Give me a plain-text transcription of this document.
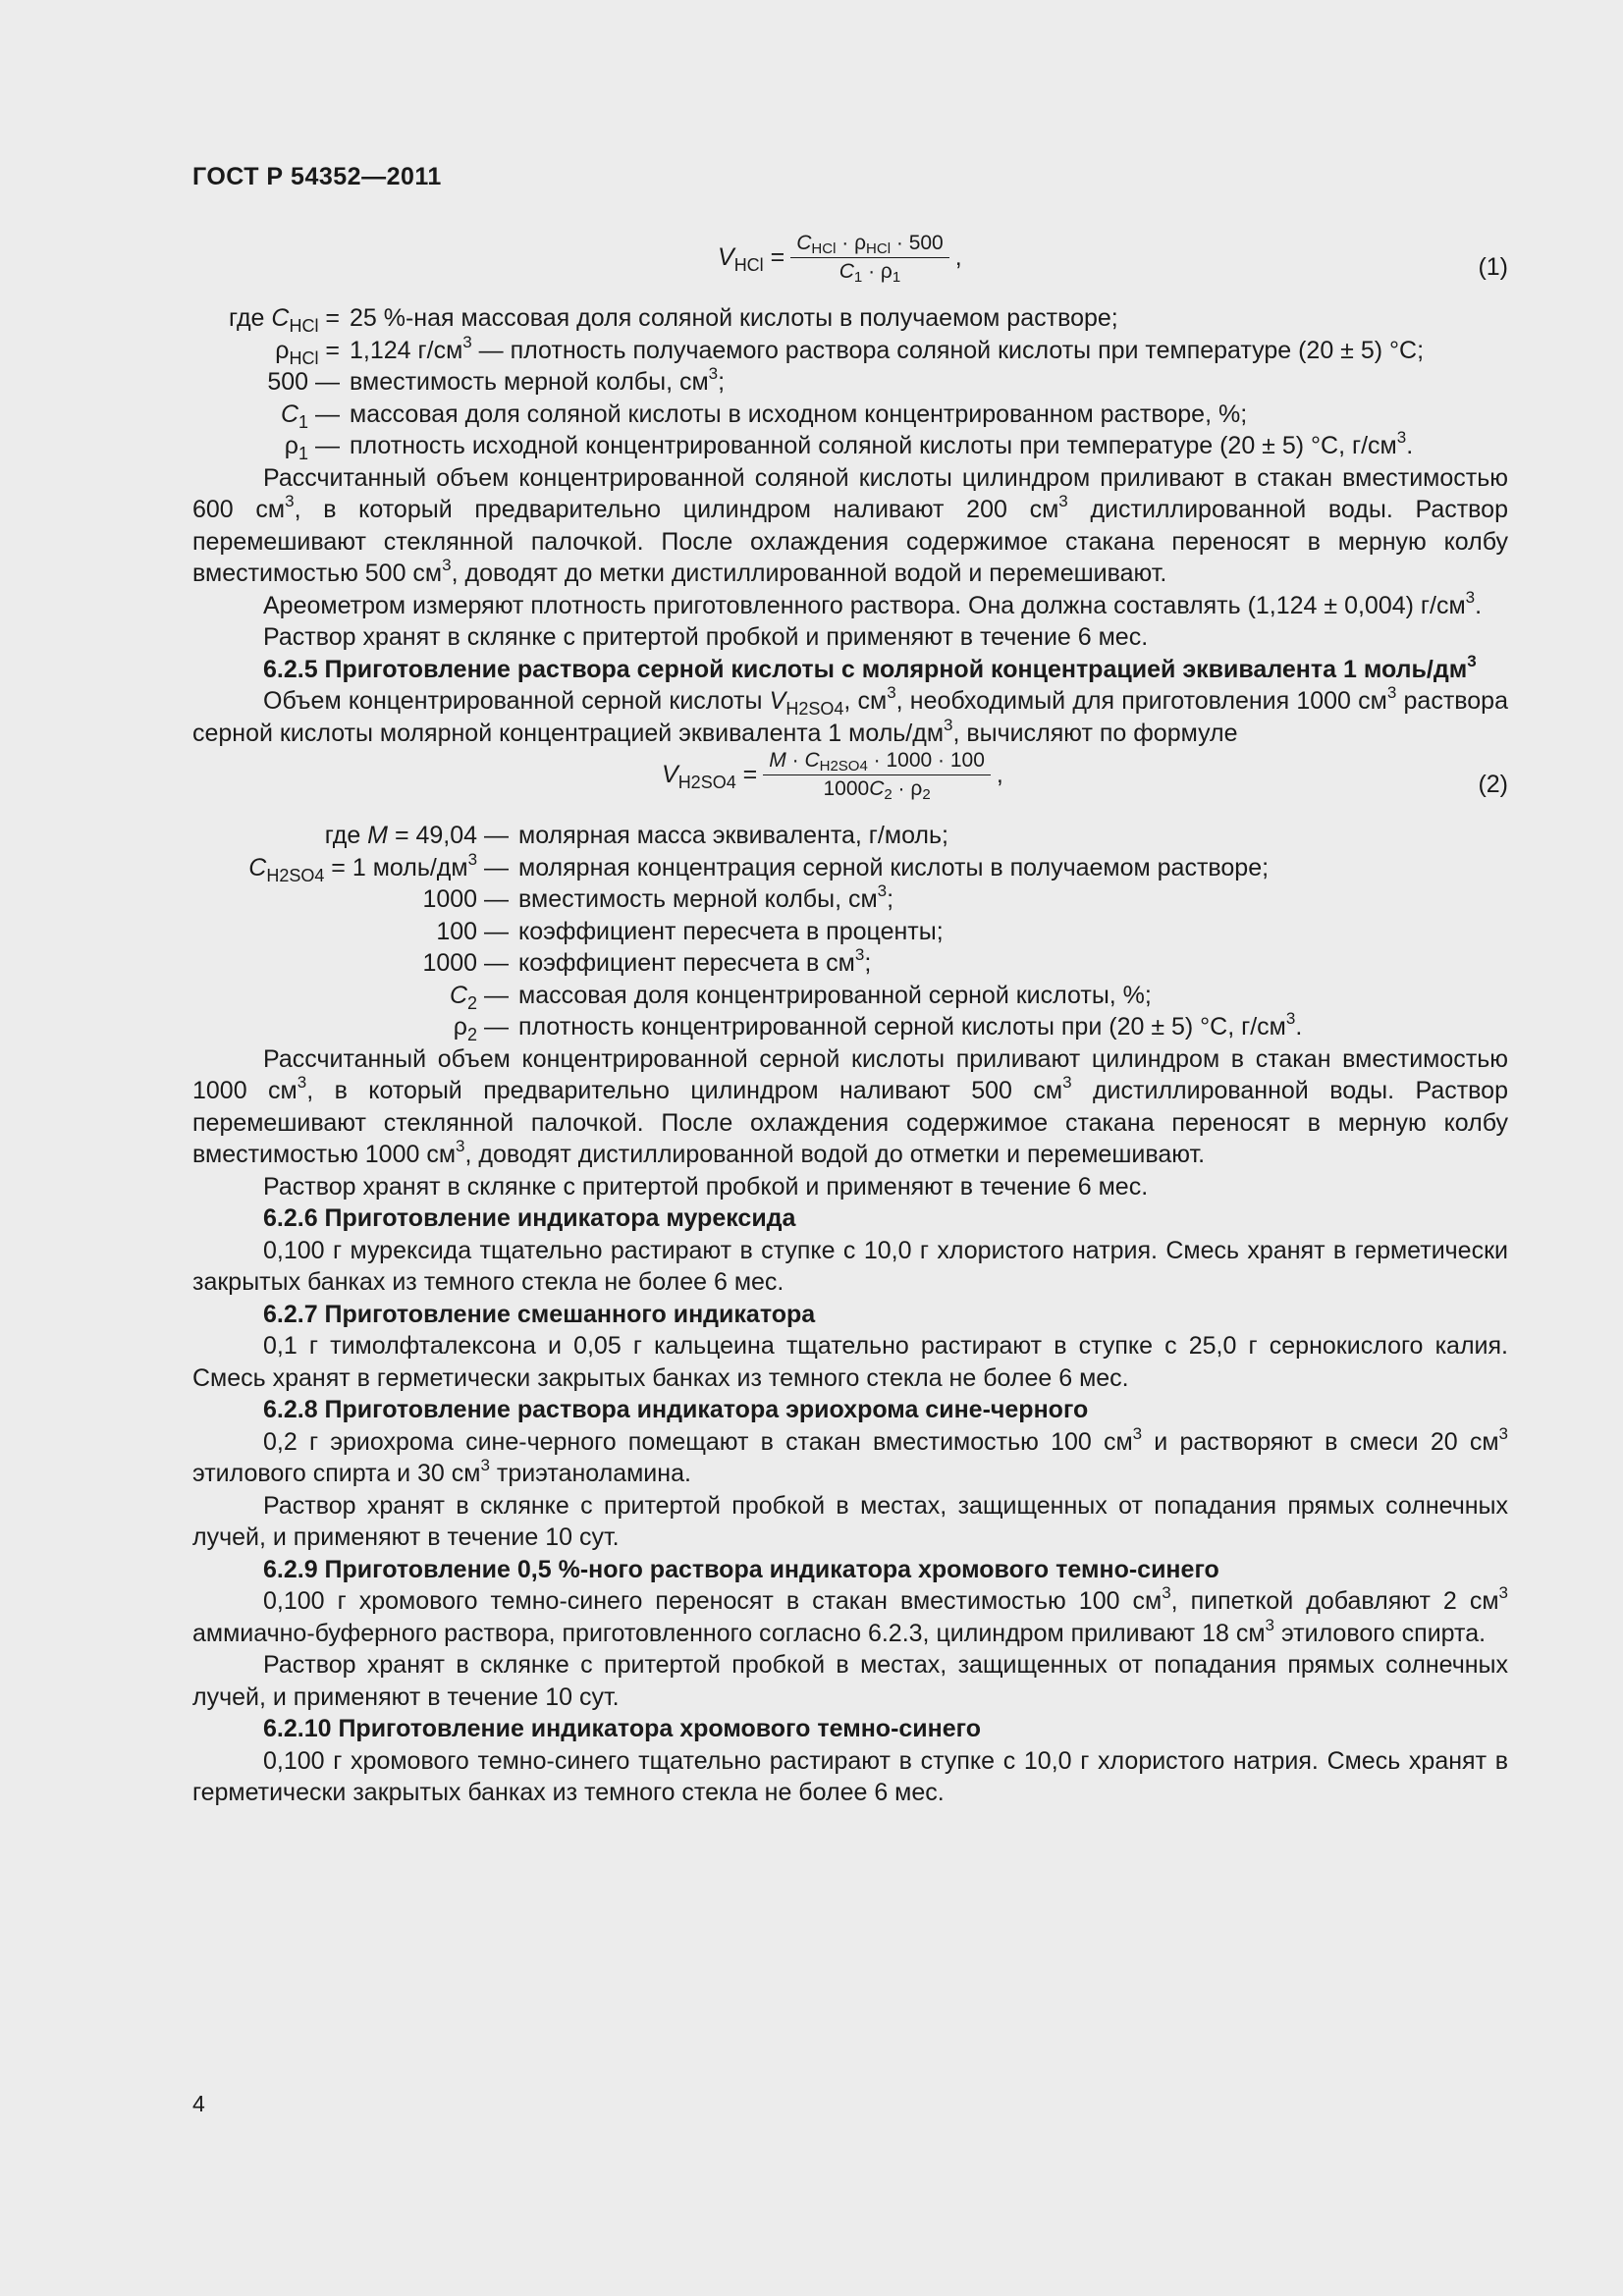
ГОСТ Р 54352—2011
$V_{HCl} = \frac{C_{HCl} \cdot \rho_{HCl} \cdot 500}{C_1 \cdot \rho_1}$ ,	(1)
где $C_{HCl} = 25$ %-ная массовая доля соляной кислоты в получаемом растворе;
$\rho_{HCl} = 1,124$ $г/см^3$ — плотность получаемого раствора соляной кислоты при температуре (20 ± 5) °С;
500 — вместимость мерной колбы, $см^3$;
$C_1$ — массовая доля соляной кислоты в исходном концентрированном растворе, %;
$\rho_1$ — плотность исходной концентрированной соляной кислоты при температуре (20 ± 5) °С, $г/см^3$.

Рассчитанный объем концентрированной соляной кислоты цилиндром приливают в стакан вместимостью 600 $см^3$, в который предварительно цилиндром наливают 200 $см^3$ дистиллированной воды. Раствор перемешивают стеклянной палочкой. После охлаждения содержимое стакана переносят в мерную колбу вместимостью 500 $см^3$, доводят до метки дистиллированной водой и перемешивают.

Ареометром измеряют плотность приготовленного раствора. Она должна составлять (1,124 ± 0,004) $г/см^3$.

Раствор хранят в склянке с притертой пробкой и применяют в течение 6 мес.

6.2.5 Приготовление раствора серной кислоты с молярной концентрацией эквивалента 1 моль/$дм^3$

Объем концентрированной серной кислоты $V_{H2SO4}$, $см^3$, необходимый для приготовления 1000 $см^3$ раствора серной кислоты молярной концентрацией эквивалента 1 моль/$дм^3$, вычисляют по формуле

$V_{H2SO4} = \frac{M \cdot C_{H2SO4} \cdot 1000 \cdot 100}{1000C_2 \cdot \rho_2}$ ,	(2)
где M = 49,04 — молярная масса эквивалента, г/моль;
$C_{H2SO4} = 1$ моль/$дм^3$ — молярная концентрация серной кислоты в получаемом растворе;
1000 — вместимость мерной колбы, $см^3$;
100 — коэффициент пересчета в проценты;
1000 — коэффициент пересчета в $см^3$;
$C_2$ — массовая доля концентрированной серной кислоты, %;
$\rho_2$ — плотность концентрированной серной кислоты при (20 ± 5) °С, $г/см^3$.

Рассчитанный объем концентрированной серной кислоты приливают цилиндром в стакан вместимостью 1000 $см^3$, в который предварительно цилиндром наливают 500 $см^3$ дистиллированной воды. Раствор перемешивают стеклянной палочкой. После охлаждения содержимое стакана переносят в мерную колбу вместимостью 1000 $см^3$, доводят дистиллированной водой до отметки и перемешивают.

Раствор хранят в склянке с притертой пробкой и применяют в течение 6 мес.

6.2.6 Приготовление индикатора мурексида

0,100 г мурексида тщательно растирают в ступке с 10,0 г хлористого натрия. Смесь хранят в герметически закрытых банках из темного стекла не более 6 мес.

6.2.7 Приготовление смешанного индикатора

0,1 г тимолфталексона и 0,05 г кальцеина тщательно растирают в ступке с 25,0 г сернокислого калия. Смесь хранят в герметически закрытых банках из темного стекла не более 6 мес.

6.2.8 Приготовление раствора индикатора эриохрома сине-черного

0,2 г эриохрома сине-черного помещают в стакан вместимостью 100 $см^3$ и растворяют в смеси 20 $см^3$ этилового спирта и 30 $см^3$ триэтаноламина.

Раствор хранят в склянке с притертой пробкой в местах, защищенных от попадания прямых солнечных лучей, и применяют в течение 10 сут.

6.2.9 Приготовление 0,5 %-ного раствора индикатора хромового темно-синего

0,100 г хромового темно-синего переносят в стакан вместимостью 100 $см^3$, пипеткой добавляют 2 $см^3$ аммиачно-буферного раствора, приготовленного согласно 6.2.3, цилиндром приливают 18 $см^3$ этилового спирта.

Раствор хранят в склянке с притертой пробкой в местах, защищенных от попадания прямых солнечных лучей, и применяют в течение 10 сут.

6.2.10 Приготовление индикатора хромового темно-синего

0,100 г хромового темно-синего тщательно растирают в ступке с 10,0 г хлористого натрия. Смесь хранят в герметически закрытых банках из темного стекла не более 6 мес.

4
